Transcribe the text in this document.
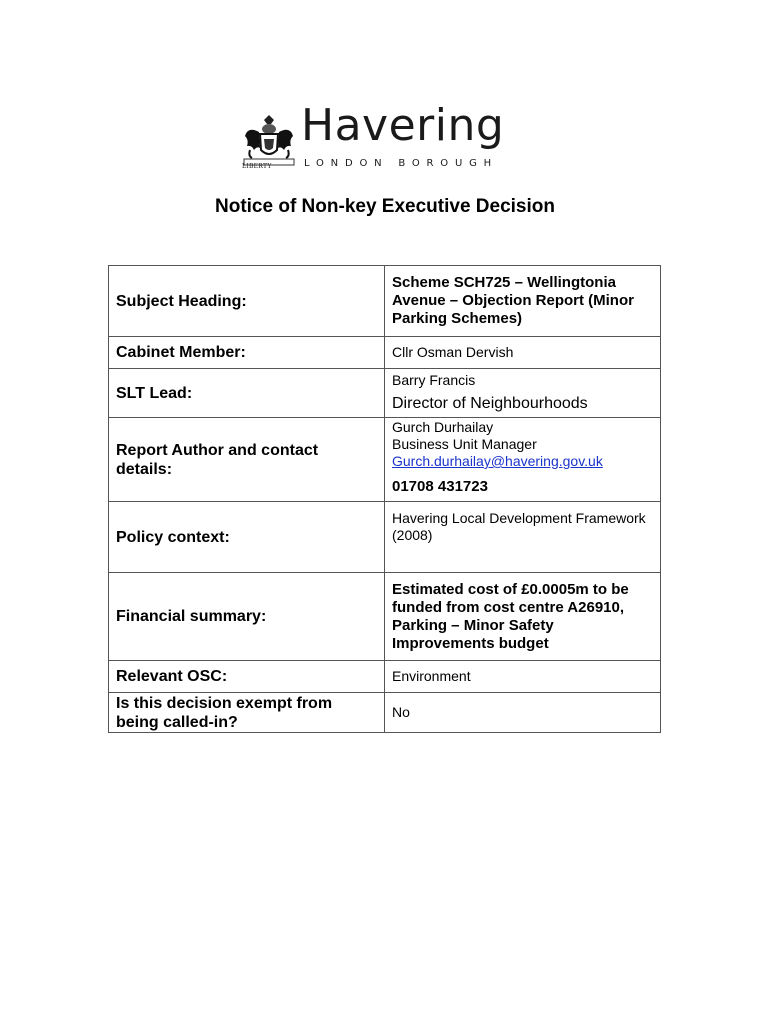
LIBERTY
Havering
LONDON BOROUGH
Notice of Non-key Executive Decision
Subject Heading:	Scheme SCH725 – Wellingtonia Avenue – Objection Report (Minor Parking Schemes)
Cabinet Member:	Cllr Osman Dervish
SLT Lead:	Barry Francis
Director of Neighbourhoods

Report Author and contact details:	Gurch Durhailay
Business Unit Manager
Gurch.durhailay@havering.gov.uk
01708 431723

Policy context:	Havering Local Development Framework (2008)
Financial summary:	Estimated cost of £0.0005m to be funded from cost centre A26910, Parking – Minor Safety Improvements budget
Relevant OSC:	Environment
Is this decision exempt from being called-in?	No
